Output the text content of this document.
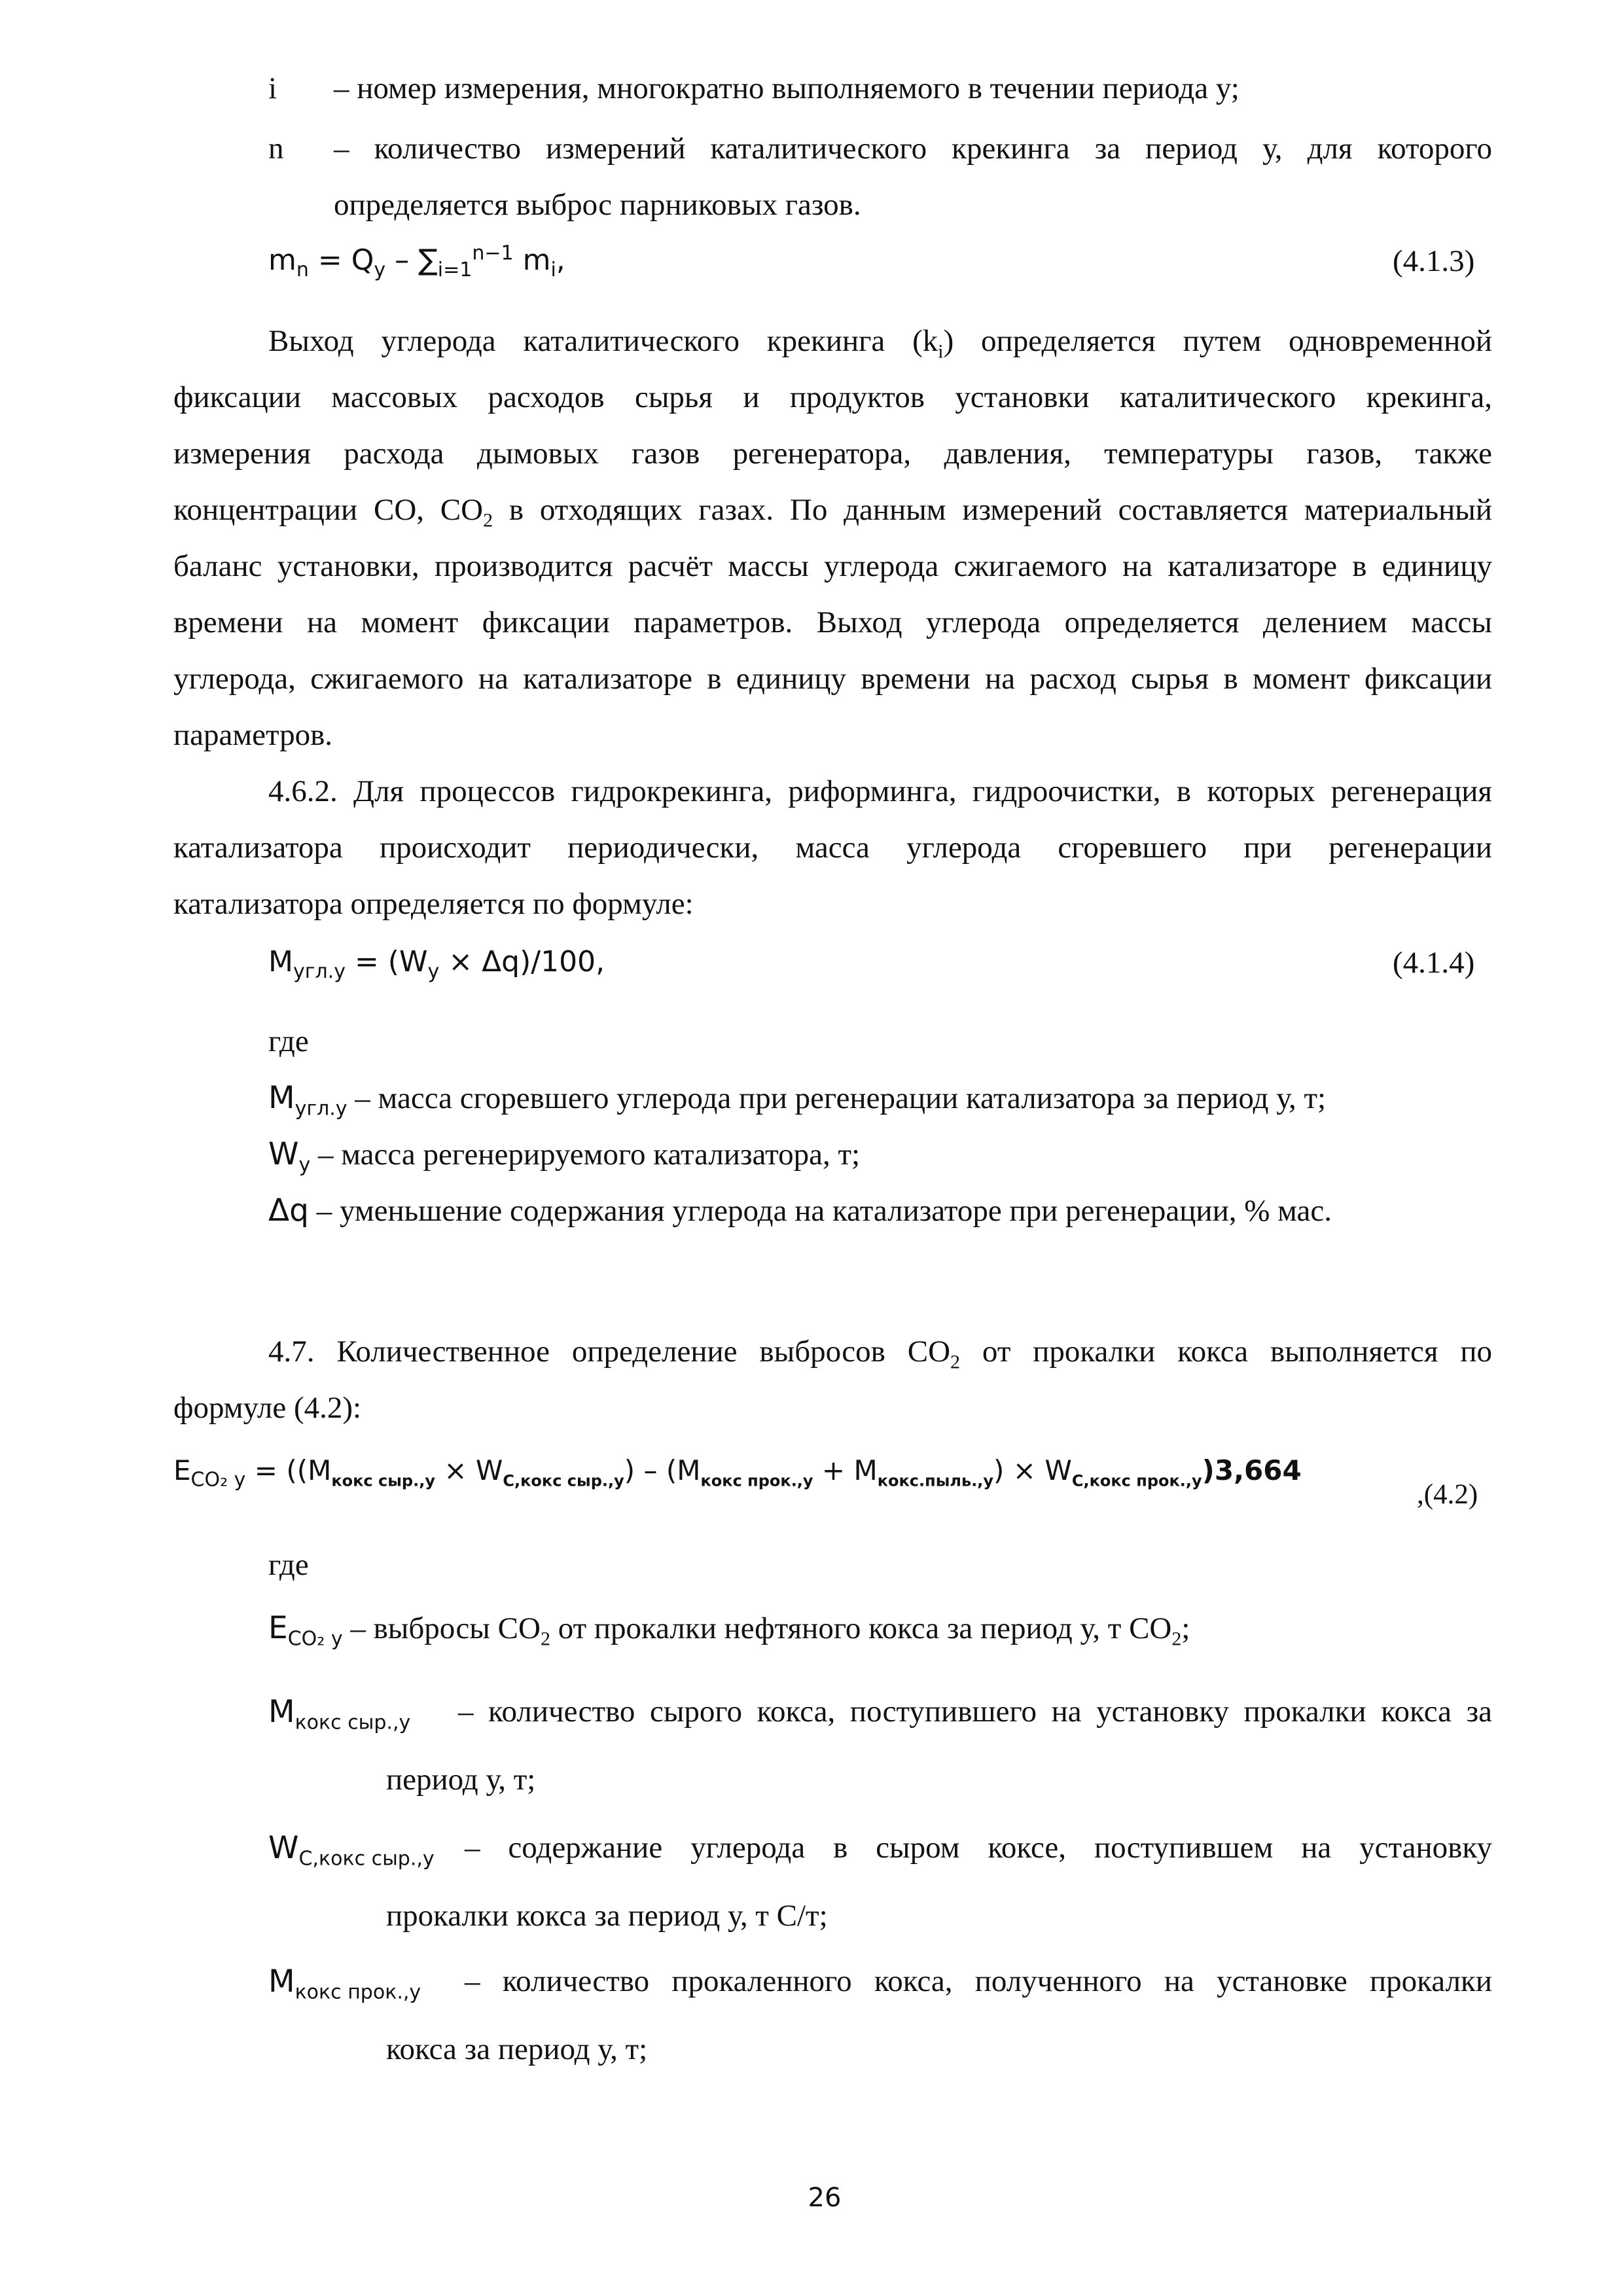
i – номер измерения, многократно выполняемого в течении периода у;
n – количество измерений каталитического крекинга за период у, для которого
определяется выброс парниковых газов.
$m_n = Q_y - \sum_{i=1}^{n-1}$ $m_i$,	(4.1.3)
Выход углерода каталитического крекинга $(k_i)$ определяется путем одновременной
фиксации массовых расходов сырья и продуктов установки каталитического крекинга,
измерения расхода дымовых газов регенератора, давления, температуры газов, также
концентрации CO, $CO_2$ в отходящих газах. По данным измерений составляется материальный
баланс установки, производится расчёт массы углерода сжигаемого на катализаторе в единицу
времени на момент фиксации параметров. Выход углерода определяется делением массы
углерода, сжигаемого на катализаторе в единицу времени на расход сырья в момент фиксации
параметров.
4.6.2. Для процессов гидрокрекинга, риформинга, гидроочистки, в которых регенерация
катализатора происходит периодически, масса углерода сгоревшего при регенерации
катализатора определяется по формуле:
$M_{угл.у} = (W_y \times \Delta q)/100$,	(4.1.4)
где
$M_{угл.у}$ – масса сгоревшего углерода при регенерации катализатора за период у, т;
$W_y$ – масса регенерируемого катализатора, т;
Δq – уменьшение содержания углерода на катализаторе при регенерации, % мас.
4.7. Количественное определение выбросов $CO_2$ от прокалки кокса выполняется по
формуле (4.2):
$E_{CO_2 y} = ((M_{кокс сыр.,у} \times W_{С,кокс сыр.,у}) - (M_{кокс прок.,у} + M_{кокс.пыль.,у}) \times W_{С,кокс прок.,у})3,664$
,(4.2)
где
$E_{CO_2 y}$ – выбросы $CO_2$ от прокалки нефтяного кокса за период у, т $CO_2$;
$M_{кокс сыр.,у}$ – количество сырого кокса, поступившего на установку прокалки кокса за
период у, т;
$W_{С,кокс сыр.,у}$ – содержание углерода в сыром коксе, поступившем на установку
прокалки кокса за период у, т С/т;
$M_{кокс прок.,у}$ – количество прокаленного кокса, полученного на установке прокалки
кокса за период у, т;
26
